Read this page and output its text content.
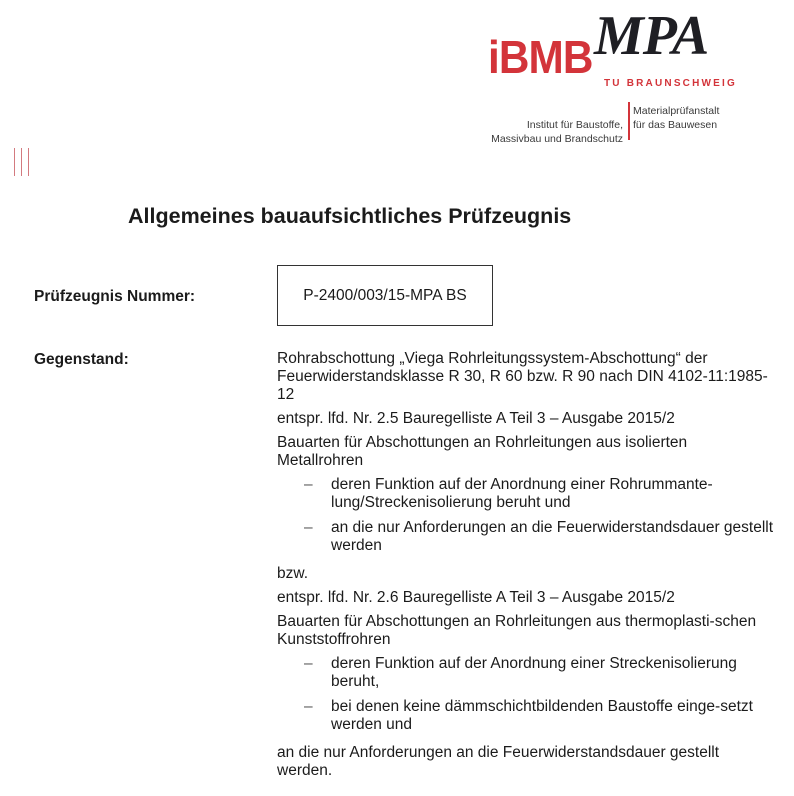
MPA
iBMB
TU BRAUNSCHWEIG
Institut für Baustoffe,
Massivbau und Brandschutz
Materialprüfanstalt
für das Bauwesen
Allgemeines bauaufsichtliches Prüfzeugnis
Prüfzeugnis Nummer:	P-2400/003/15-MPA BS
Gegenstand:	Rohrabschottung „Viega Rohrleitungssystem-Abschottung“ der Feuerwiderstandsklasse R 30, R 60 bzw. R 90 nach DIN 4102-11:1985-12

entspr. lfd. Nr. 2.5 Bauregelliste A Teil 3 – Ausgabe 2015/2

Bauarten für Abschottungen an Rohrleitungen aus isolierten Metallrohren

– deren Funktion auf der Anordnung einer Rohrummante-lung/Streckenisolierung beruht und
– an die nur Anforderungen an die Feuerwiderstandsdauer gestellt werden

bzw.

entspr. lfd. Nr. 2.6 Bauregelliste A Teil 3 – Ausgabe 2015/2

Bauarten für Abschottungen an Rohrleitungen aus thermoplasti-schen Kunststoffrohren

– deren Funktion auf der Anordnung einer Streckenisolierung beruht,
– bei denen keine dämmschichtbildenden Baustoffe einge-setzt werden und

an die nur Anforderungen an die Feuerwiderstandsdauer gestellt werden.
